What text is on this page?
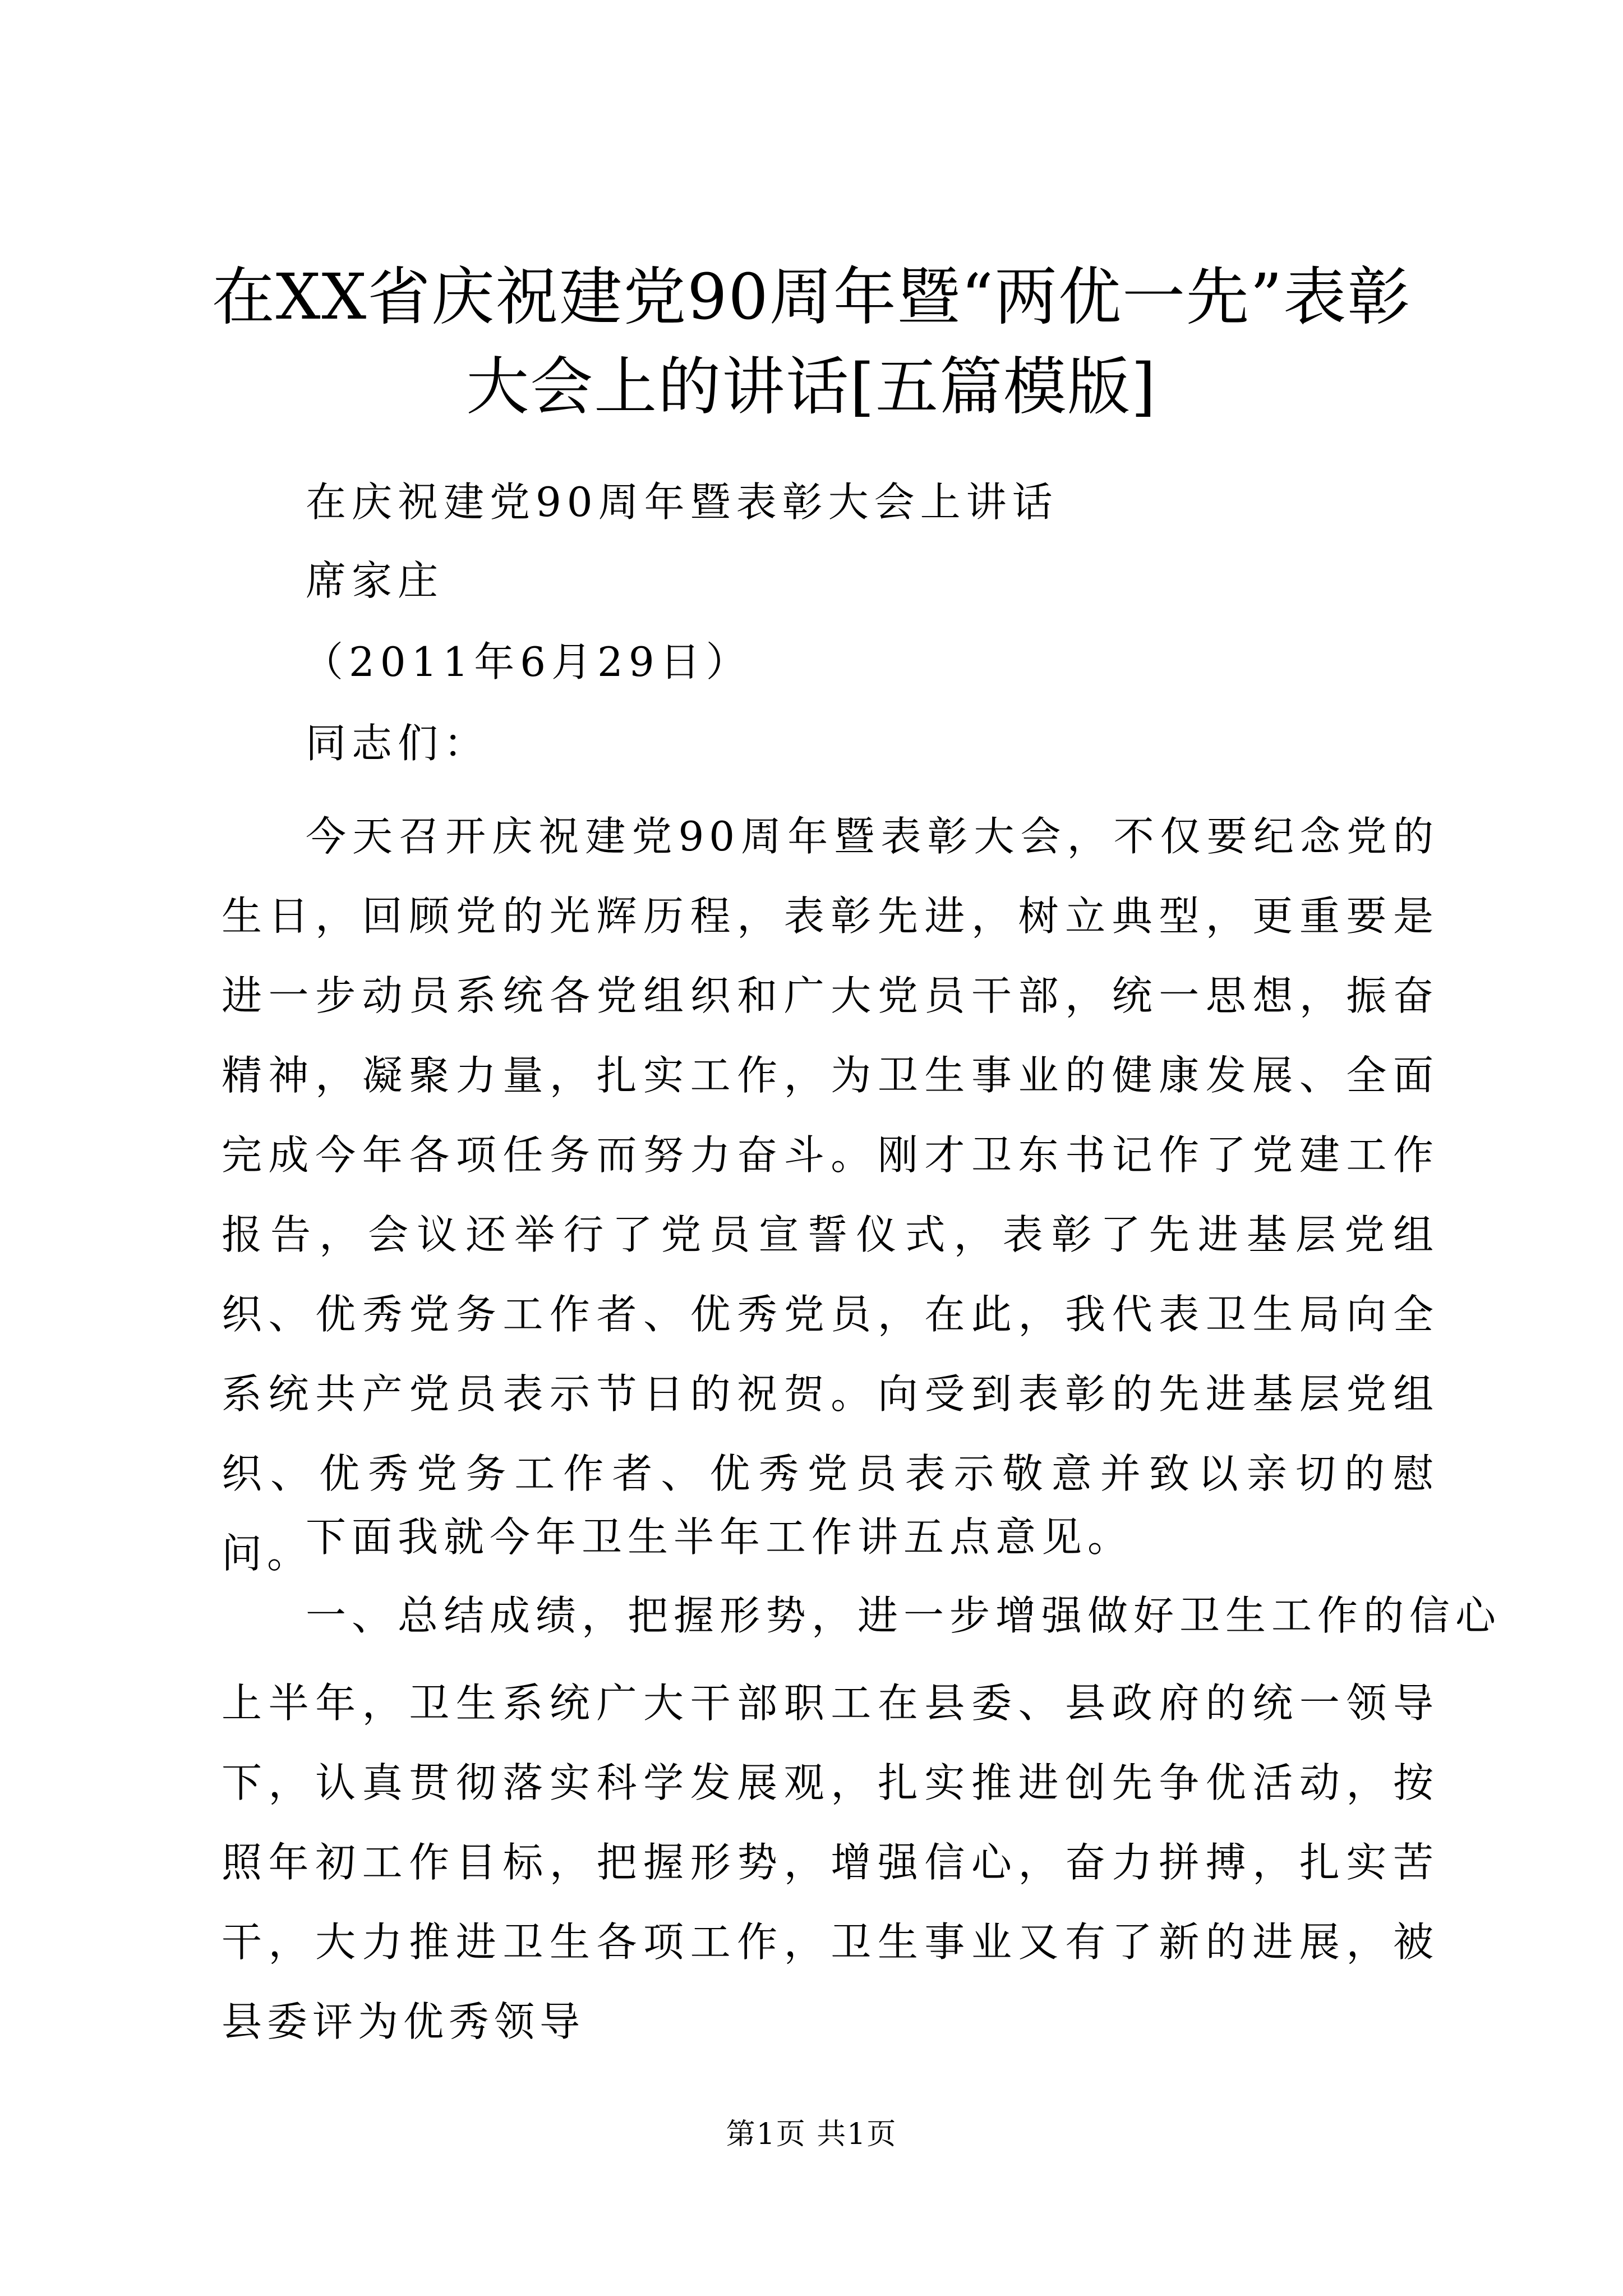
在XX省庆祝建党90周年暨“两优一先”表彰
大会上的讲话[五篇模版]
在庆祝建党90周年暨表彰大会上讲话
席家庄
（2011年6月29日）
同志们：
今天召开庆祝建党90周年暨表彰大会，不仅要纪念党的生日，回顾党的光辉历程，表彰先进，树立典型，更重要是进一步动员系统各党组织和广大党员干部，统一思想，振奋精神，凝聚力量，扎实工作，为卫生事业的健康发展、全面完成今年各项任务而努力奋斗。刚才卫东书记作了党建工作报告，会议还举行了党员宣誓仪式，表彰了先进基层党组织、优秀党务工作者、优秀党员，在此，我代表卫生局向全系统共产党员表示节日的祝贺。向受到表彰的先进基层党组织、优秀党务工作者、优秀党员表示敬意并致以亲切的慰问。
下面我就今年卫生半年工作讲五点意见。
一、总结成绩，把握形势，进一步增强做好卫生工作的信心
上半年，卫生系统广大干部职工在县委、县政府的统一领导下，认真贯彻落实科学发展观，扎实推进创先争优活动，按照年初工作目标，把握形势，增强信心，奋力拼搏，扎实苦干，大力推进卫生各项工作，卫生事业又有了新的进展，被县委评为优秀领导
第1页 共1页
